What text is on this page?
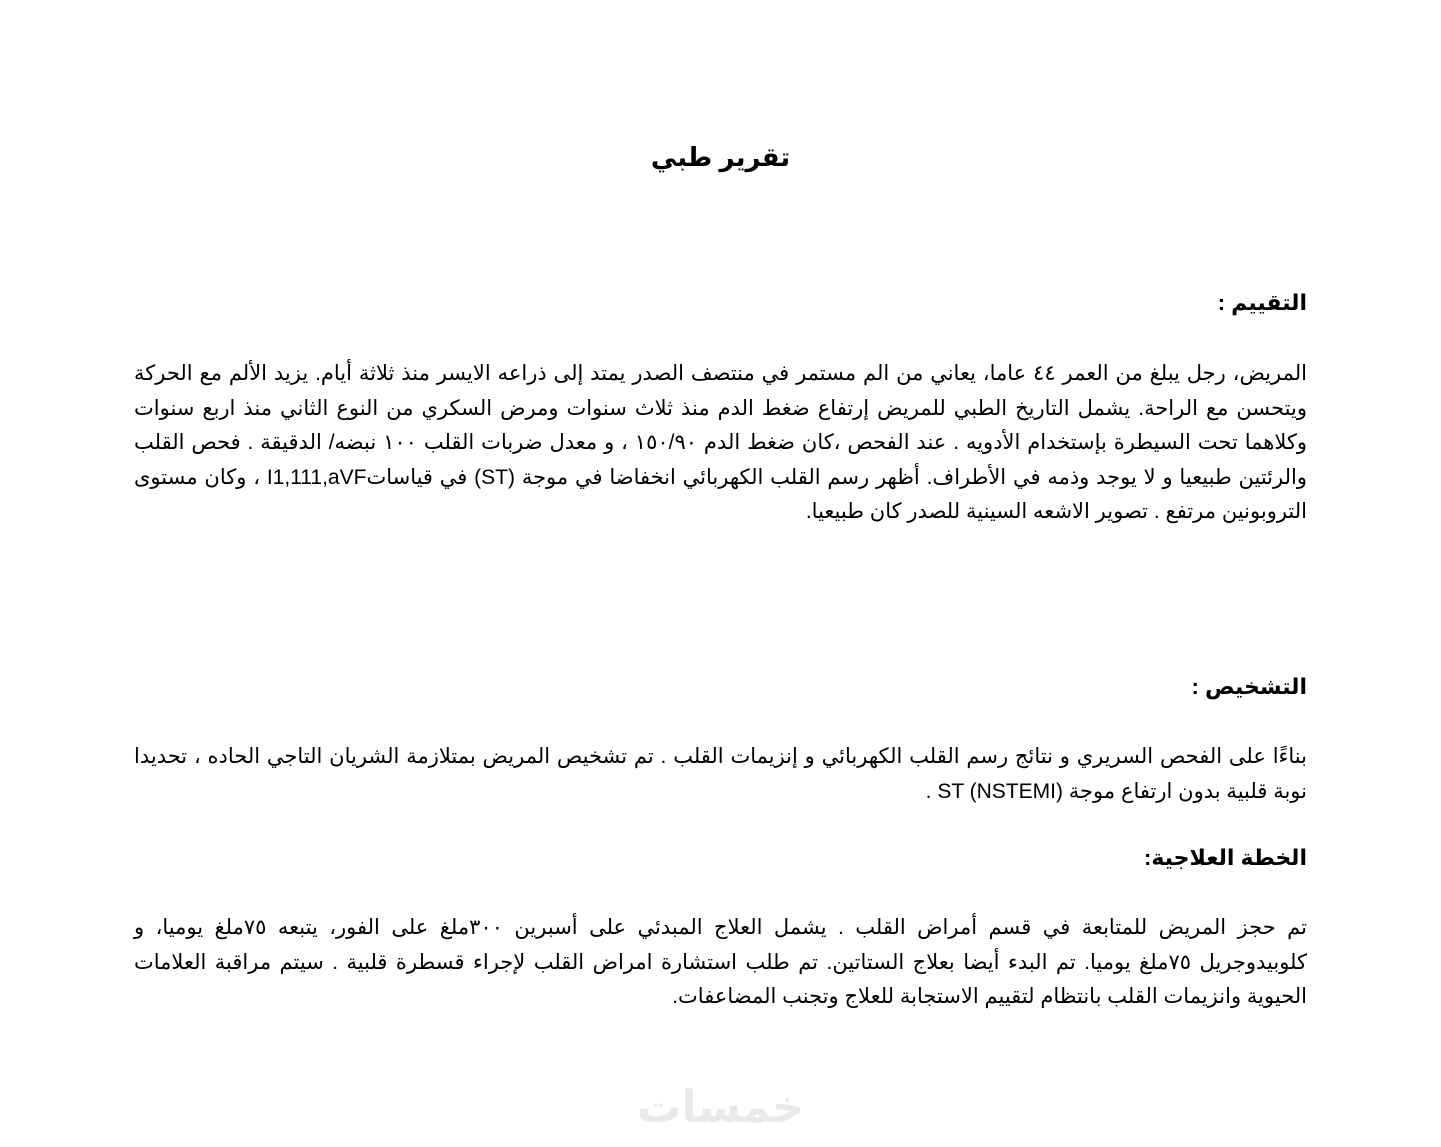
تقرير طبي
التقييم :
المريض، رجل يبلغ من العمر ٤٤ عاما، يعاني من الم مستمر في منتصف الصدر يمتد إلى ذراعه الايسر منذ ثلاثة أيام. يزيد الألم مع الحركة ويتحسن مع الراحة. يشمل التاريخ الطبي للمريض إرتفاع ضغط الدم منذ ثلاث سنوات ومرض السكري من النوع الثاني منذ اربع سنوات وكلاهما تحت السيطرة بإستخدام الأدويه . عند الفحص ،كان ضغط الدم ١٥٠/٩٠ ، و معدل ضربات القلب ١٠٠ نبضه/ الدقيقة . فحص القلب والرئتين طبيعيا و لا يوجد وذمه في الأطراف. أظهر رسم القلب الكهربائي انخفاضا في موجة (ST) في قياساتI1,111,aVF ، وكان مستوى التروبونين مرتفع . تصوير الاشعه السينية للصدر كان طبيعيا.
التشخيص :
بناءًا على الفحص السريري و نتائج رسم القلب الكهربائي و إنزيمات القلب . تم تشخيص المريض بمتلازمة الشريان التاجي الحاده ، تحديدا نوبة قلبية بدون ارتفاع موجة ST (NSTEMI) .
الخطة العلاجية:
تم حجز المريض للمتابعة في قسم أمراض القلب . يشمل العلاج المبدئي على أسبرين ٣٠٠ملغ على الفور، يتبعه ٧٥ملغ يوميا، و كلوبيدوجريل ٧٥ملغ يوميا. تم البدء أيضا بعلاج الستاتين. تم طلب استشارة امراض القلب لإجراء قسطرة قلبية . سيتم مراقبة العلامات الحيوية وانزيمات القلب بانتظام لتقييم الاستجابة للعلاج وتجنب المضاعفات.
خمسات
